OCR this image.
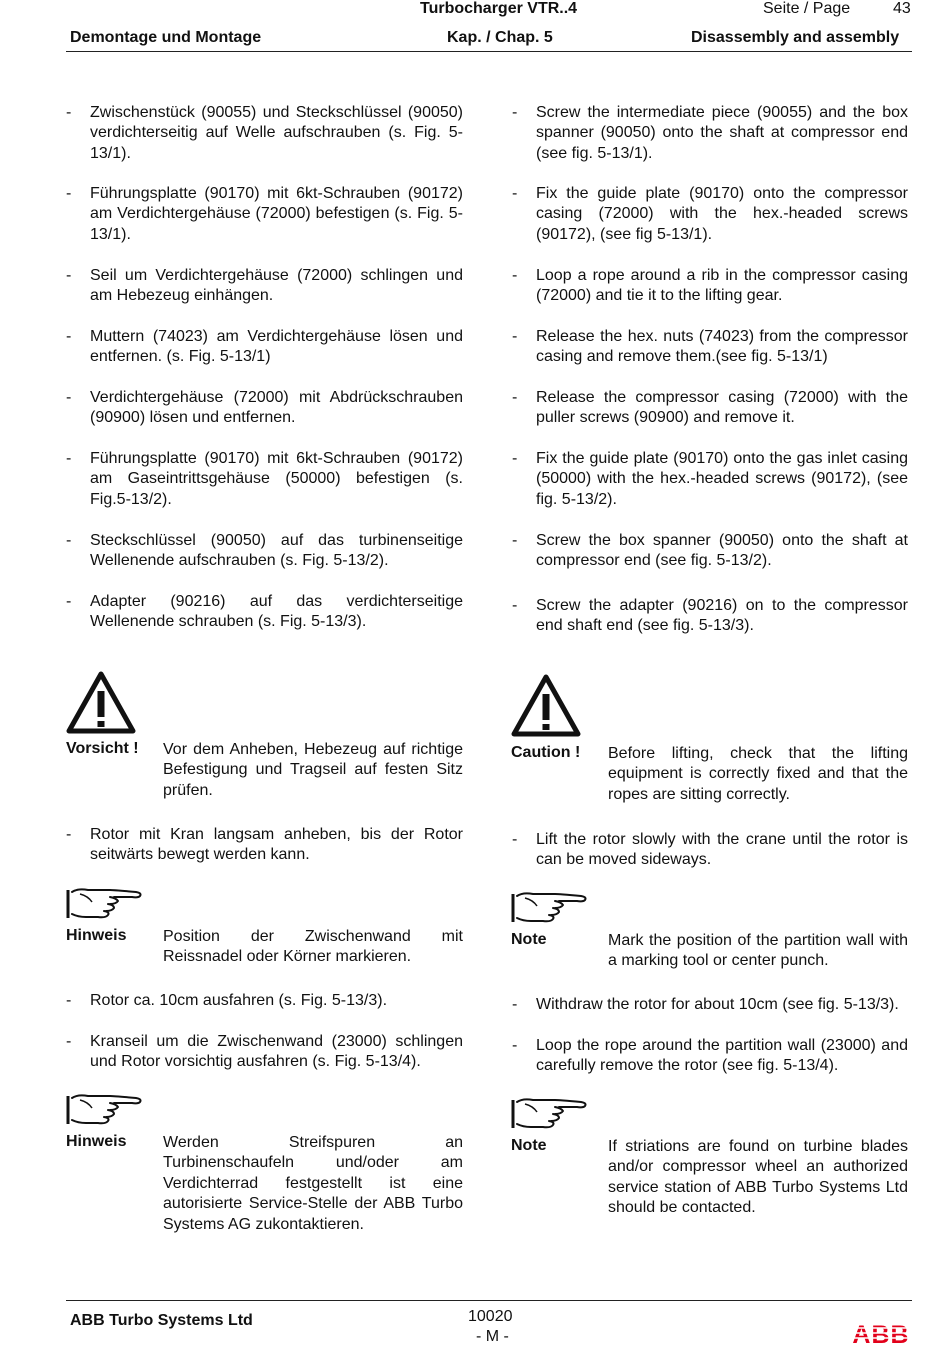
Turbocharger VTR..4	Seite / Page	43
Demontage und Montage	Kap. / Chap. 5	Disassembly and assembly
- Zwischenstück (90055) und Steckschlüssel (90050) verdichterseitig auf Welle aufschrauben (s. Fig. 5-13/1).
- Führungsplatte (90170) mit 6kt-Schrauben (90172) am Verdichtergehäuse (72000) befestigen (s. Fig. 5-13/1).
- Seil um Verdichtergehäuse (72000) schlingen und am Hebezeug einhängen.
- Muttern (74023) am Verdichtergehäuse lösen und entfernen. (s. Fig. 5-13/1)
- Verdichtergehäuse (72000) mit Abdrückschrauben (90900) lösen und entfernen.
- Führungsplatte (90170) mit 6kt-Schrauben (90172) am Gaseintrittsgehäuse (50000) befestigen (s. Fig.5-13/2).
- Steckschlüssel (90050) auf das turbinenseitige Wellenende aufschrauben (s. Fig. 5-13/2).
- Adapter (90216) auf das verdichterseitige Wellenende schrauben (s. Fig. 5-13/3).
- Screw the intermediate piece (90055) and the box spanner (90050) onto the shaft at compressor end (see fig. 5-13/1).
- Fix the guide plate (90170) onto the compressor casing (72000) with the hex.-headed screws (90172), (see fig 5-13/1).
- Loop a rope around a rib in the compressor casing (72000) and tie it to the lifting gear.
- Release the hex. nuts (74023) from the compressor casing and remove them.(see fig. 5-13/1)
- Release the compressor casing (72000) with the puller screws (90900) and remove it.
- Fix the guide plate (90170) onto the gas inlet casing (50000) with the hex.-headed screws (90172), (see fig. 5-13/2).
- Screw the box spanner (90050) onto the shaft at compressor end (see fig. 5-13/2).
- Screw the adapter (90216) on to the compressor end shaft end (see fig. 5-13/3).
Vorsicht ! Vor dem Anheben, Hebezeug auf richtige Befestigung und Tragseil auf festen Sitz prüfen.
Caution ! Before lifting, check that the lifting equipment is correctly fixed and that the ropes are sitting correctly.
- Rotor mit Kran langsam anheben, bis der Rotor seitwärts bewegt werden kann.
- Lift the rotor slowly with the crane until the rotor is can be moved sideways.
Hinweis Position der Zwischenwand mit Reissnadel oder Körner markieren.
Note	Mark the position of the partition wall with a marking tool or center punch.
- Rotor ca. 10cm ausfahren (s. Fig. 5-13/3).
- Kranseil um die Zwischenwand (23000) schlingen und Rotor vorsichtig ausfahren (s. Fig. 5-13/4).
- Withdraw the rotor for about 10cm (see fig. 5-13/3).
- Loop the rope around the partition wall (23000) and carefully remove the rotor (see fig. 5-13/4).
Hinweis Werden Streifspuren an Turbinenschaufeln und/oder am Verdichterrad festgestellt ist eine autorisierte Service-Stelle der ABB Turbo Systems AG zukontaktieren.
Note	If striations are found on turbine blades and/or compressor wheel an authorized service station of ABB Turbo Systems Ltd should be contacted.
ABB Turbo Systems Ltd	10020
- M -	ABB
